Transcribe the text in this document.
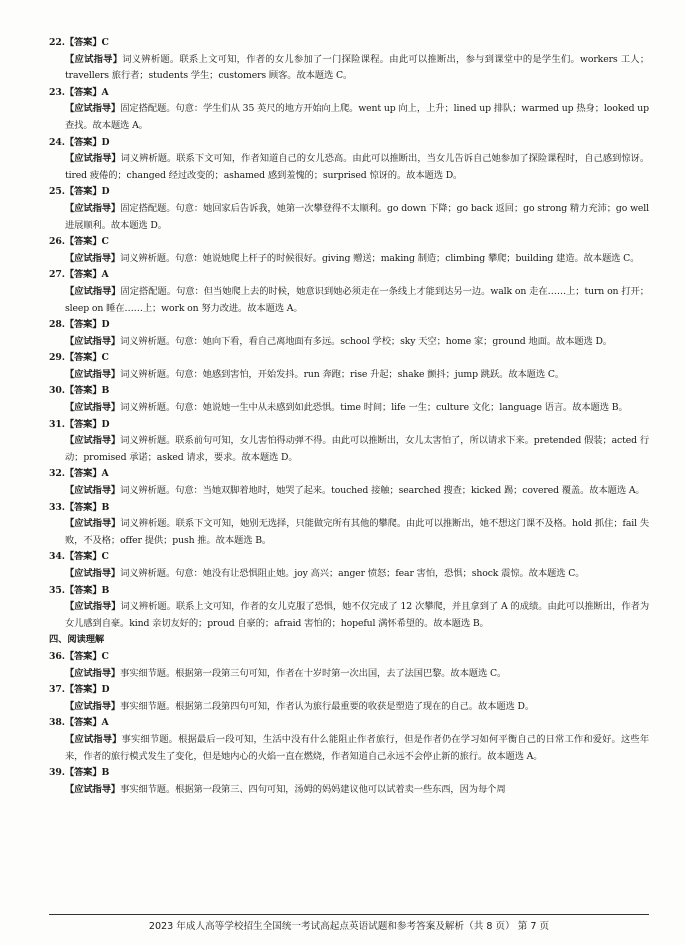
22.【答案】C
【应试指导】词义辨析题。联系上文可知，作者的女儿参加了一门探险课程。由此可以推断出，参与到课堂中的是学生们。workers 工人；travellers 旅行者；students 学生；customers 顾客。故本题选 C。
23.【答案】A
【应试指导】固定搭配题。句意：学生们从 35 英尺的地方开始向上爬。went up 向上，上升；lined up 排队；warmed up 热身；looked up 查找。故本题选 A。
24.【答案】D
【应试指导】词义辨析题。联系下文可知，作者知道自己的女儿恐高。由此可以推断出，当女儿告诉自己她参加了探险课程时，自己感到惊讶。tired 疲倦的；changed 经过改变的；ashamed 感到羞愧的；surprised 惊讶的。故本题选 D。
25.【答案】D
【应试指导】固定搭配题。句意：她回家后告诉我，她第一次攀登得不太顺利。go down 下降；go back 返回；go strong 精力充沛；go well 进展顺利。故本题选 D。
26.【答案】C
【应试指导】词义辨析题。句意：她说她爬上杆子的时候很好。giving 赠送；making 制造；climbing 攀爬；building 建造。故本题选 C。
27.【答案】A
【应试指导】固定搭配题。句意：但当她爬上去的时候，她意识到她必须走在一条线上才能到达另一边。walk on 走在……上；turn on 打开；sleep on 睡在……上；work on 努力改进。故本题选 A。
28.【答案】D
【应试指导】词义辨析题。句意：她向下看，看自己离地面有多远。school 学校；sky 天空；home 家；ground 地面。故本题选 D。
29.【答案】C
【应试指导】词义辨析题。句意：她感到害怕，开始发抖。run 奔跑；rise 升起；shake 颤抖；jump 跳跃。故本题选 C。
30.【答案】B
【应试指导】词义辨析题。句意：她说她一生中从未感到如此恐惧。time 时间；life 一生；culture 文化；language 语言。故本题选 B。
31.【答案】D
【应试指导】词义辨析题。联系前句可知，女儿害怕得动弹不得。由此可以推断出，女儿太害怕了，所以请求下来。pretended 假装；acted 行动；promised 承诺；asked 请求，要求。故本题选 D。
32.【答案】A
【应试指导】词义辨析题。句意：当她双脚着地时，她哭了起来。touched 接触；searched 搜查；kicked 踢；covered 覆盖。故本题选 A。
33.【答案】B
【应试指导】词义辨析题。联系下文可知，她别无选择，只能做完所有其他的攀爬。由此可以推断出，她不想这门课不及格。hold 抓住；fail 失败，不及格；offer 提供；push 推。故本题选 B。
34.【答案】C
【应试指导】词义辨析题。句意：她没有让恐惧阻止她。joy 高兴；anger 愤怒；fear 害怕，恐惧；shock 震惊。故本题选 C。
35.【答案】B
【应试指导】词义辨析题。联系上文可知，作者的女儿克服了恐惧，她不仅完成了 12 次攀爬，并且拿到了 A 的成绩。由此可以推断出，作者为女儿感到自豪。kind 亲切友好的；proud 自豪的；afraid 害怕的；hopeful 满怀希望的。故本题选 B。
四、阅读理解
36.【答案】C
【应试指导】事实细节题。根据第一段第三句可知，作者在十岁时第一次出国，去了法国巴黎。故本题选 C。
37.【答案】D
【应试指导】事实细节题。根据第二段第四句可知，作者认为旅行最重要的收获是塑造了现在的自己。故本题选 D。
38.【答案】A
【应试指导】事实细节题。根据最后一段可知，生活中没有什么能阻止作者旅行，但是作者仍在学习如何平衡自己的日常工作和爱好。这些年来，作者的旅行模式发生了变化，但是她内心的火焰一直在燃烧，作者知道自己永远不会停止新的旅行。故本题选 A。
39.【答案】B
【应试指导】事实细节题。根据第一段第三、四句可知，汤姆的妈妈建议他可以试着卖一些东西，因为每个周
2023 年成人高等学校招生全国统一考试高起点英语试题和参考答案及解析（共 8 页） 第 7 页
